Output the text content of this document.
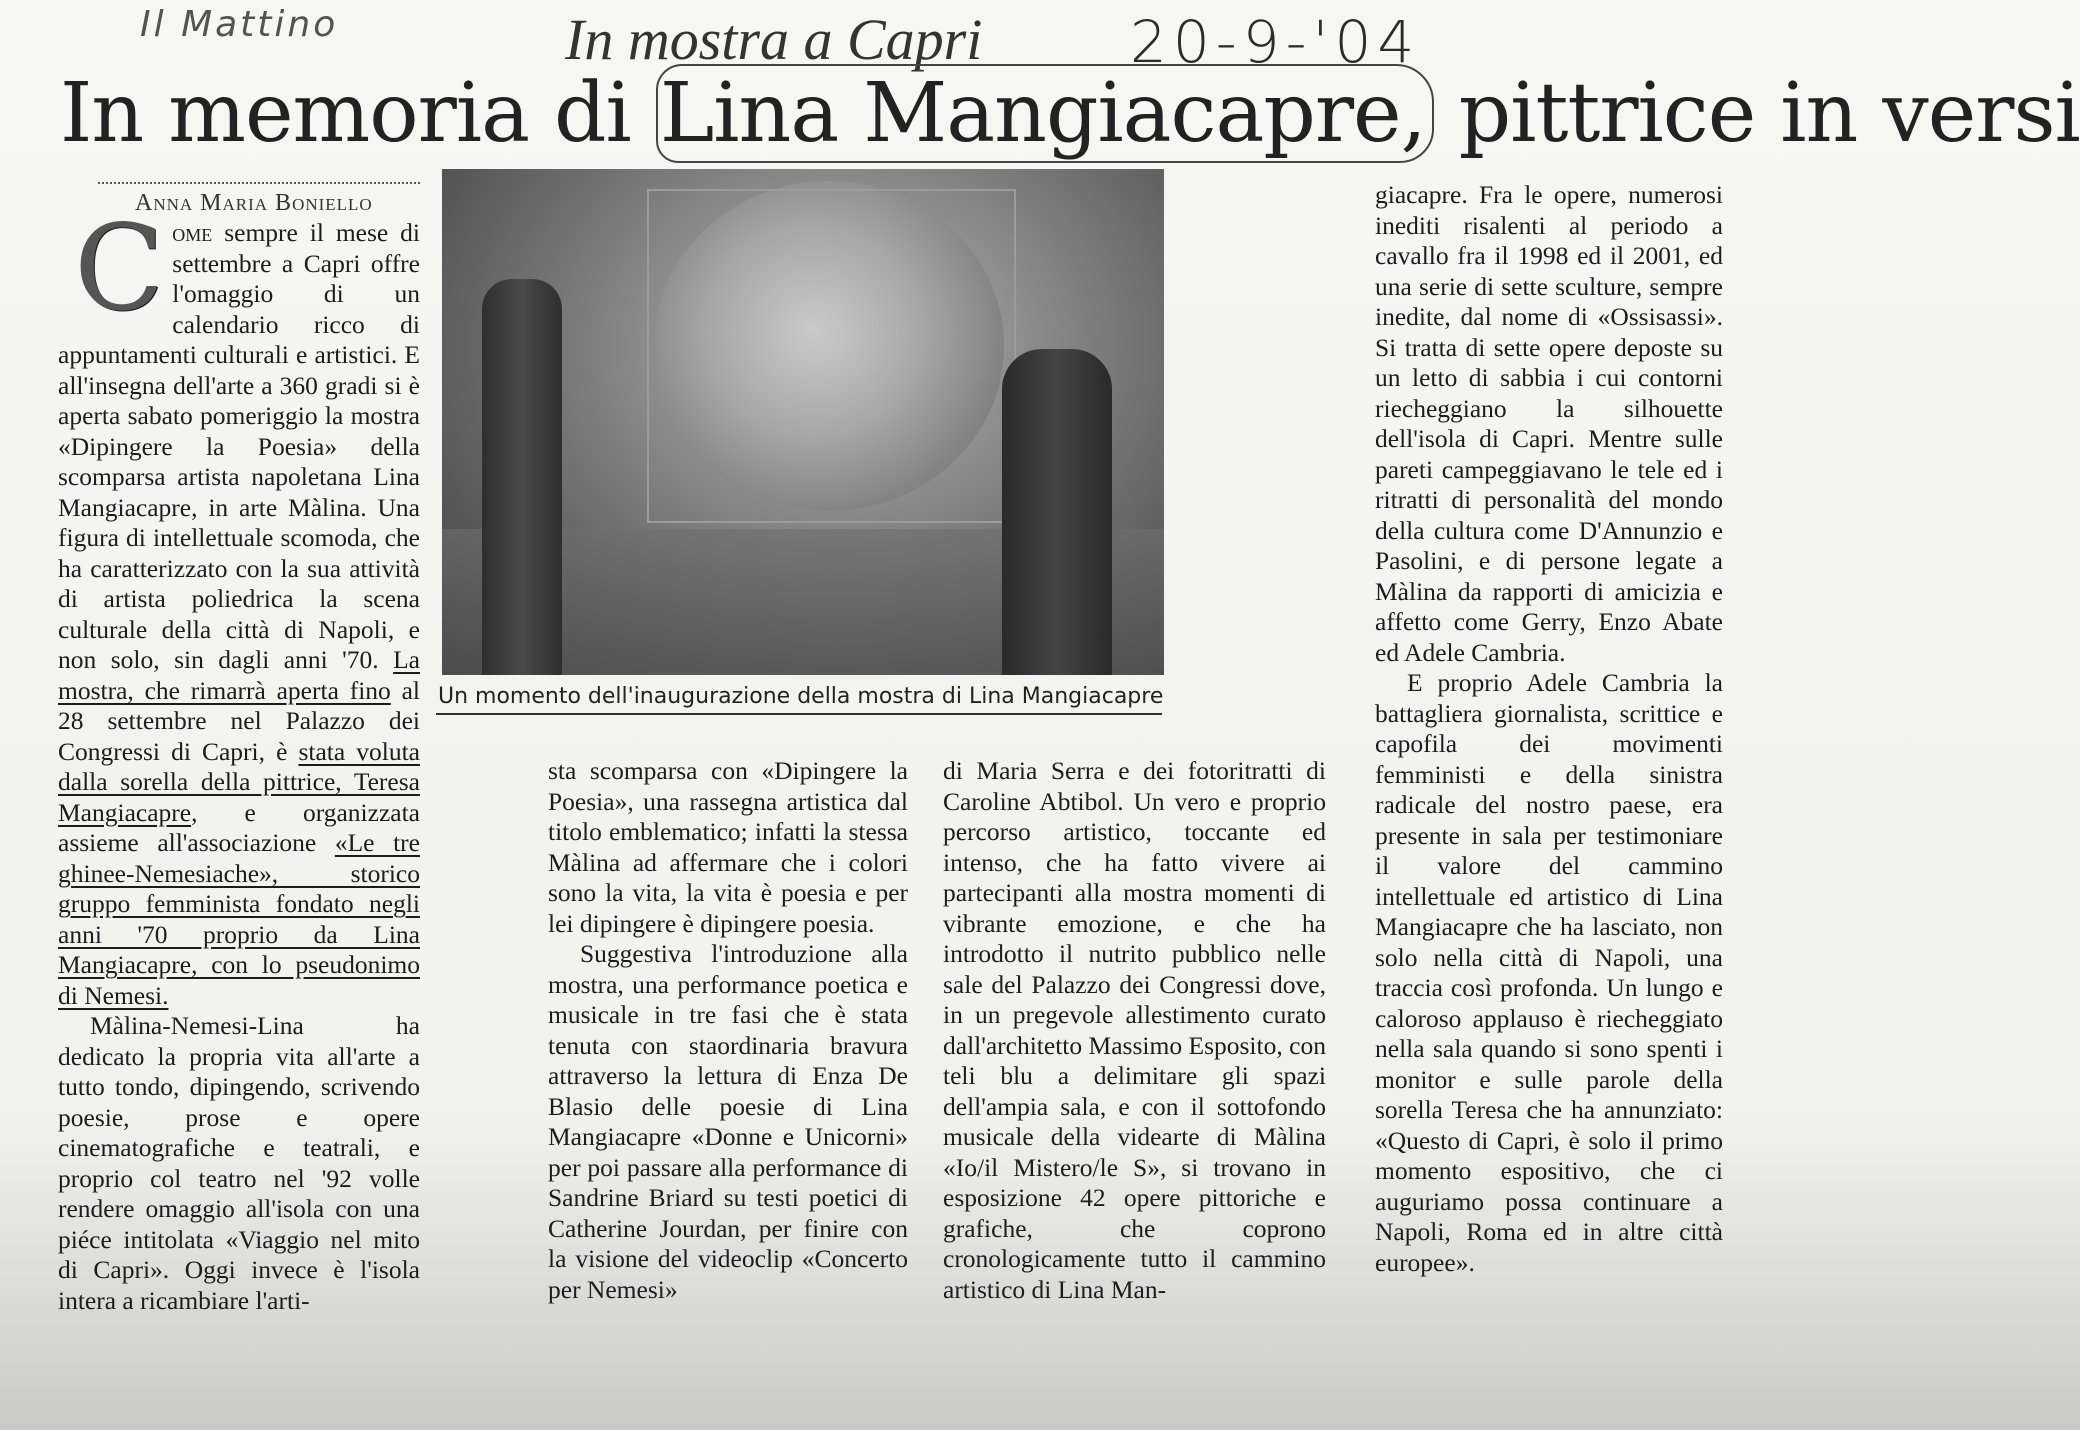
Il Mattino	In mostra a Capri	20-9-'04
In memoria di Lina Mangiacapre, pittrice in versi
Anna Maria Boniello

Come sempre il mese di settembre a Capri offre l'omaggio di un calendario ricco di appuntamenti culturali e artistici. E all'insegna dell'arte a 360 gradi si è aperta sabato pomeriggio la mostra «Dipingere la Poesia» della scomparsa artista napoletana Lina Mangiacapre, in arte Màlina. Una figura di intellettuale scomoda, che ha caratterizzato con la sua attività di artista poliedrica la scena culturale della città di Napoli, e non solo, sin dagli anni '70. La mostra, che rimarrà aperta fino al 28 settembre nel Palazzo dei Congressi di Capri, è stata voluta dalla sorella della pittrice, Teresa Mangiacapre, e organizzata assieme all'associazione «Le tre ghinee-Nemesiache», storico gruppo femminista fondato negli anni '70 proprio da Lina Mangiacapre, con lo pseudonimo di Nemesi.

Màlina-Nemesi-Lina ha dedicato la propria vita all'arte a tutto tondo, dipingendo, scrivendo poesie, prose e opere cinematografiche e teatrali, e proprio col teatro nel '92 volle rendere omaggio all'isola con una piéce intitolata «Viaggio nel mito di Capri». Oggi invece è l'isola intera a ricambiare l'arti-

Un momento dell'inaugurazione della mostra di Lina Mangiacapre

sta scomparsa con «Dipingere la Poesia», una rassegna artistica dal titolo emblematico; infatti la stessa Màlina ad affermare che i colori sono la vita, la vita è poesia e per lei dipingere è dipingere poesia.

Suggestiva l'introduzione alla mostra, una performance poetica e musicale in tre fasi che è stata tenuta con staordinaria bravura attraverso la lettura di Enza De Blasio delle poesie di Lina Mangiacapre «Donne e Unicorni» per poi passare alla performance di Sandrine Briard su testi poetici di Catherine Jourdan, per finire con la visione del videoclip «Concerto per Nemesi»

di Maria Serra e dei fotoritratti di Caroline Abtibol. Un vero e proprio percorso artistico, toccante ed intenso, che ha fatto vivere ai partecipanti alla mostra momenti di vibrante emozione, e che ha introdotto il nutrito pubblico nelle sale del Palazzo dei Congressi dove, in un pregevole allestimento curato dall'architetto Massimo Esposito, con teli blu a delimitare gli spazi dell'ampia sala, e con il sottofondo musicale della videarte di Màlina «Io/il Mistero/le S», si trovano in esposizione 42 opere pittoriche e grafiche, che coprono cronologicamente tutto il cammino artistico di Lina Man-

giacapre. Fra le opere, numerosi inediti risalenti al periodo a cavallo fra il 1998 ed il 2001, ed una serie di sette sculture, sempre inedite, dal nome di «Ossisassi». Si tratta di sette opere deposte su un letto di sabbia i cui contorni riecheggiano la silhouette dell'isola di Capri. Mentre sulle pareti campeggiavano le tele ed i ritratti di personalità del mondo della cultura come D'Annunzio e Pasolini, e di persone legate a Màlina da rapporti di amicizia e affetto come Gerry, Enzo Abate ed Adele Cambria.

E proprio Adele Cambria la battagliera giornalista, scrittice e capofila dei movimenti femministi e della sinistra radicale del nostro paese, era presente in sala per testimoniare il valore del cammino intellettuale ed artistico di Lina Mangiacapre che ha lasciato, non solo nella città di Napoli, una traccia così profonda. Un lungo e caloroso applauso è riecheggiato nella sala quando si sono spenti i monitor e sulle parole della sorella Teresa che ha annunziato: «Questo di Capri, è solo il primo momento espositivo, che ci auguriamo possa continuare a Napoli, Roma ed in altre città europee».
